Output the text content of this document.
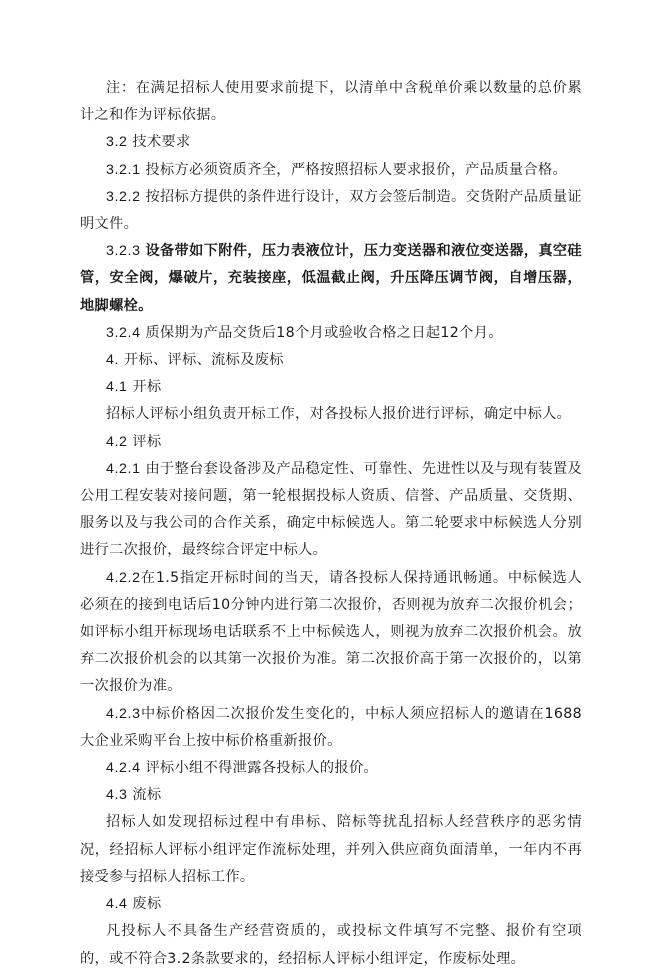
注：在满足招标人使用要求前提下，以清单中含税单价乘以数量的总价累计之和作为评标依据。

3.2 技术要求

3.2.1 投标方必须资质齐全，严格按照招标人要求报价，产品质量合格。

3.2.2 按招标方提供的条件进行设计，双方会签后制造。交货附产品质量证明文件。

3.2.3 设备带如下附件，压力表液位计，压力变送器和液位变送器，真空硅管，安全阀，爆破片，充装接座，低温截止阀，升压降压调节阀，自增压器，地脚螺栓。

3.2.4 质保期为产品交货后18个月或验收合格之日起12个月。

4. 开标、评标、流标及废标

4.1 开标

招标人评标小组负责开标工作，对各投标人报价进行评标，确定中标人。

4.2 评标

4.2.1 由于整台套设备涉及产品稳定性、可靠性、先进性以及与现有装置及公用工程安装对接问题，第一轮根据投标人资质、信誉、产品质量、交货期、服务以及与我公司的合作关系，确定中标候选人。第二轮要求中标候选人分别进行二次报价，最终综合评定中标人。

4.2.2在1.5指定开标时间的当天，请各投标人保持通讯畅通。中标候选人必须在的接到电话后10分钟内进行第二次报价，否则视为放弃二次报价机会；如评标小组开标现场电话联系不上中标候选人，则视为放弃二次报价机会。放弃二次报价机会的以其第一次报价为准。第二次报价高于第一次报价的，以第一次报价为准。

4.2.3中标价格因二次报价发生变化的，中标人须应招标人的邀请在1688大企业采购平台上按中标价格重新报价。

4.2.4 评标小组不得泄露各投标人的报价。

4.3 流标

招标人如发现招标过程中有串标、陪标等扰乱招标人经营秩序的恶劣情况，经招标人评标小组评定作流标处理，并列入供应商负面清单，一年内不再接受参与招标人招标工作。

4.4 废标

凡投标人不具备生产经营资质的，或投标文件填写不完整、报价有空项的，或不符合3.2条款要求的，经招标人评标小组评定，作废标处理。
